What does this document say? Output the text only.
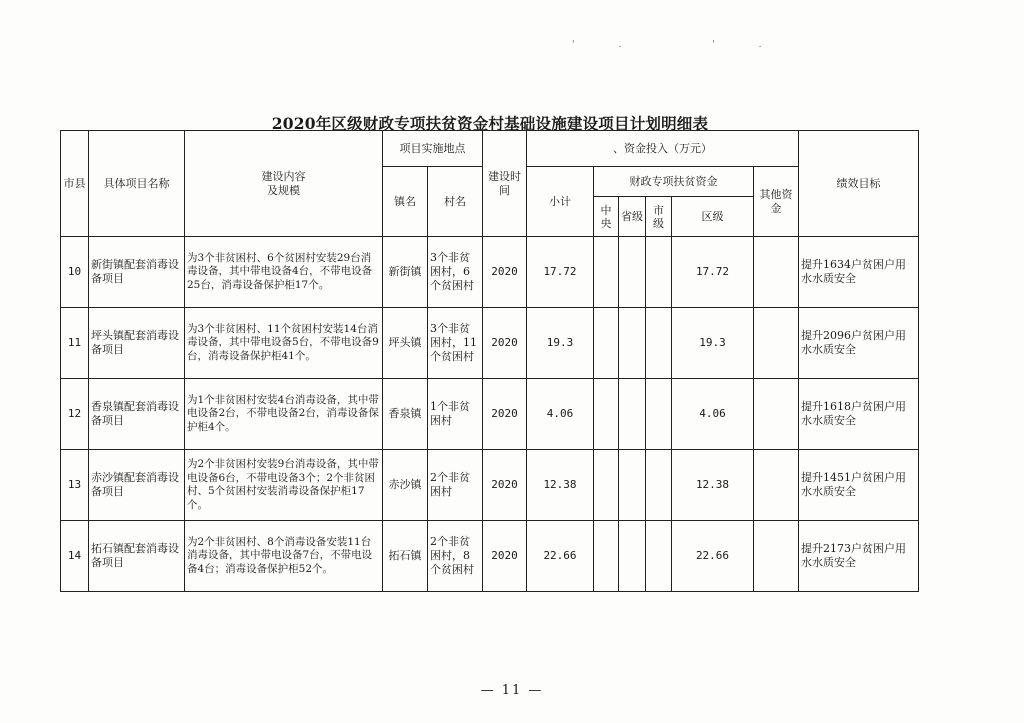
'. '.
2020年区级财政专项扶贫资金村基础设施建设项目计划明细表
市县	具体项目名称	建设内容
及规模	项目实施地点		建设时间	、资金投入（万元）						绩效目标
			镇名	村名		小计	财政专项扶贫资金				其他资金	
							中央	省级	市级	区级		
10	新街镇配套消毒设备项目	为3个非贫困村、6个贫困村安装29台消毒设备，其中带电设备4台，不带电设备25台，消毒设备保护柜17个。	新街镇	3个非贫困村，6个贫困村	2020	17.72				17.72		提升1634户贫困户用水水质安全
11	坪头镇配套消毒设备项目	为3个非贫困村、11个贫困村安装14台消毒设备，其中带电设备5台，不带电设备9台，消毒设备保护柜41个。	坪头镇	3个非贫困村，11个贫困村	2020	19.3				19.3		提升2096户贫困户用水水质安全
12	香泉镇配套消毒设备项目	为1个非贫困村安装4台消毒设备，其中带电设备2台，不带电设备2台，消毒设备保护柜4个。	香泉镇	1个非贫困村	2020	4.06				4.06		提升1618户贫困户用水水质安全
13	赤沙镇配套消毒设备项目	为2个非贫困村安装9台消毒设备，其中带电设备6台，不带电设备3个；2个非贫困村、5个贫困村安装消毒设备保护柜17个。	赤沙镇	2个非贫困村	2020	12.38				12.38		提升1451户贫困户用水水质安全
14	拓石镇配套消毒设备项目	为2个非贫困村、8个消毒设备安装11台消毒设备，其中带电设备7台，不带电设备4台；消毒设备保护柜52个。	拓石镇	2个非贫困村，8个贫困村	2020	22.66				22.66		提升2173户贫困户用水水质安全
— 11 —
